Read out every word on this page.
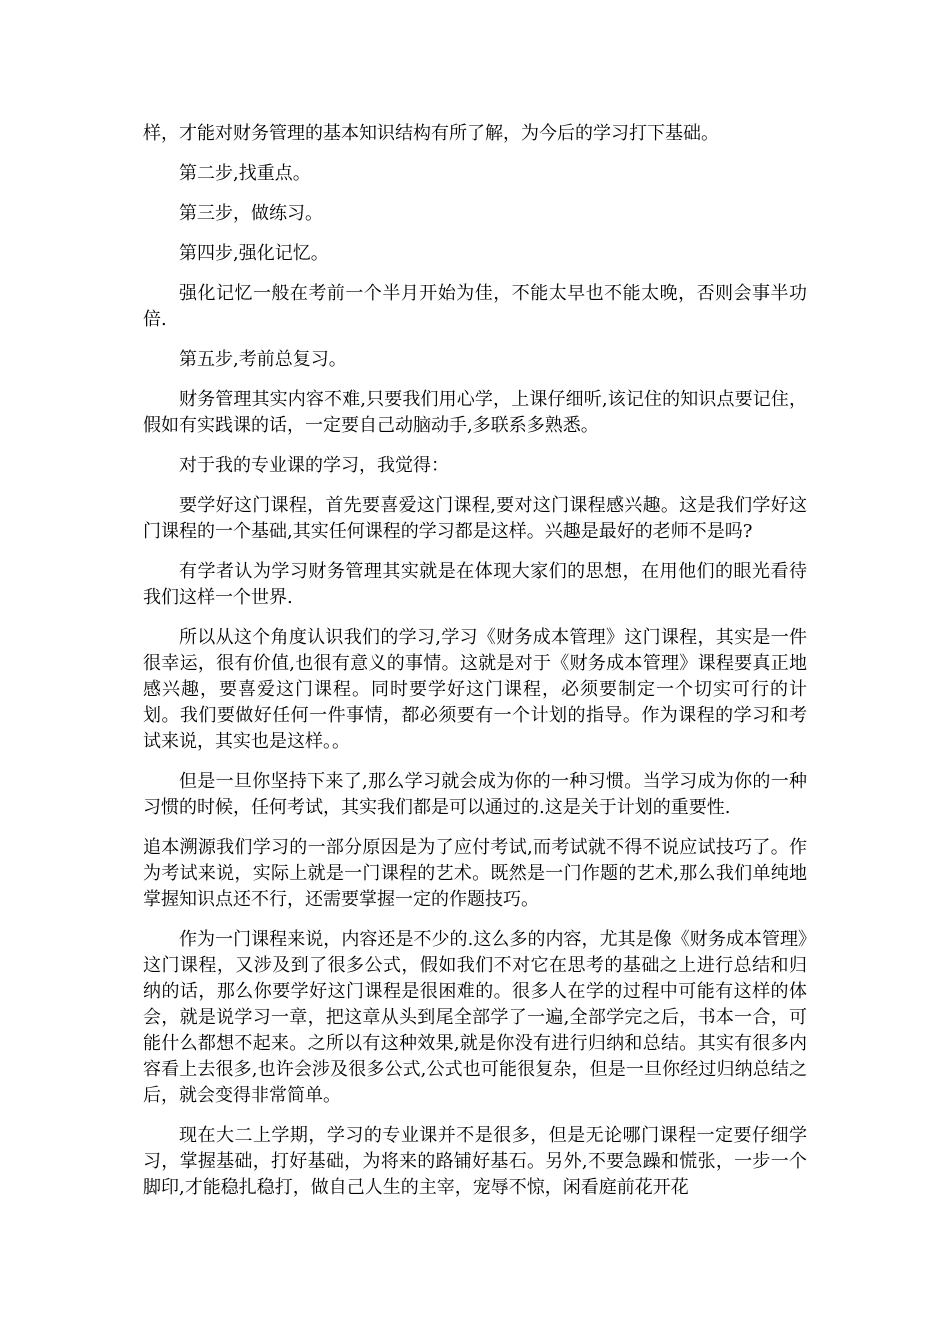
样，才能对财务管理的基本知识结构有所了解，为今后的学习打下基础。

第二步,找重点。

第三步，做练习。

第四步,强化记忆。

强化记忆一般在考前一个半月开始为佳，不能太早也不能太晚，否则会事半功倍.

第五步,考前总复习。

财务管理其实内容不难,只要我们用心学，上课仔细听,该记住的知识点要记住，假如有实践课的话，一定要自己动脑动手,多联系多熟悉。

对于我的专业课的学习，我觉得：

要学好这门课程，首先要喜爱这门课程,要对这门课程感兴趣。这是我们学好这门课程的一个基础,其实任何课程的学习都是这样。兴趣是最好的老师不是吗?

有学者认为学习财务管理其实就是在体现大家们的思想，在用他们的眼光看待我们这样一个世界.

所以从这个角度认识我们的学习,学习《财务成本管理》这门课程，其实是一件很幸运，很有价值,也很有意义的事情。这就是对于《财务成本管理》课程要真正地感兴趣，要喜爱这门课程。同时要学好这门课程，必须要制定一个切实可行的计划。我们要做好任何一件事情，都必须要有一个计划的指导。作为课程的学习和考试来说，其实也是这样。。

但是一旦你坚持下来了,那么学习就会成为你的一种习惯。当学习成为你的一种习惯的时候，任何考试，其实我们都是可以通过的.这是关于计划的重要性.

追本溯源我们学习的一部分原因是为了应付考试,而考试就不得不说应试技巧了。作为考试来说，实际上就是一门课程的艺术。既然是一门作题的艺术,那么我们单纯地掌握知识点还不行，还需要掌握一定的作题技巧。

作为一门课程来说，内容还是不少的.这么多的内容，尤其是像《财务成本管理》这门课程，又涉及到了很多公式，假如我们不对它在思考的基础之上进行总结和归纳的话，那么你要学好这门课程是很困难的。很多人在学的过程中可能有这样的体会，就是说学习一章，把这章从头到尾全部学了一遍,全部学完之后，书本一合，可能什么都想不起来。之所以有这种效果,就是你没有进行归纳和总结。其实有很多内容看上去很多,也许会涉及很多公式,公式也可能很复杂，但是一旦你经过归纳总结之后，就会变得非常简单。

现在大二上学期，学习的专业课并不是很多，但是无论哪门课程一定要仔细学习，掌握基础，打好基础，为将来的路铺好基石。另外,不要急躁和慌张，一步一个脚印,才能稳扎稳打，做自己人生的主宰，宠辱不惊，闲看庭前花开花
